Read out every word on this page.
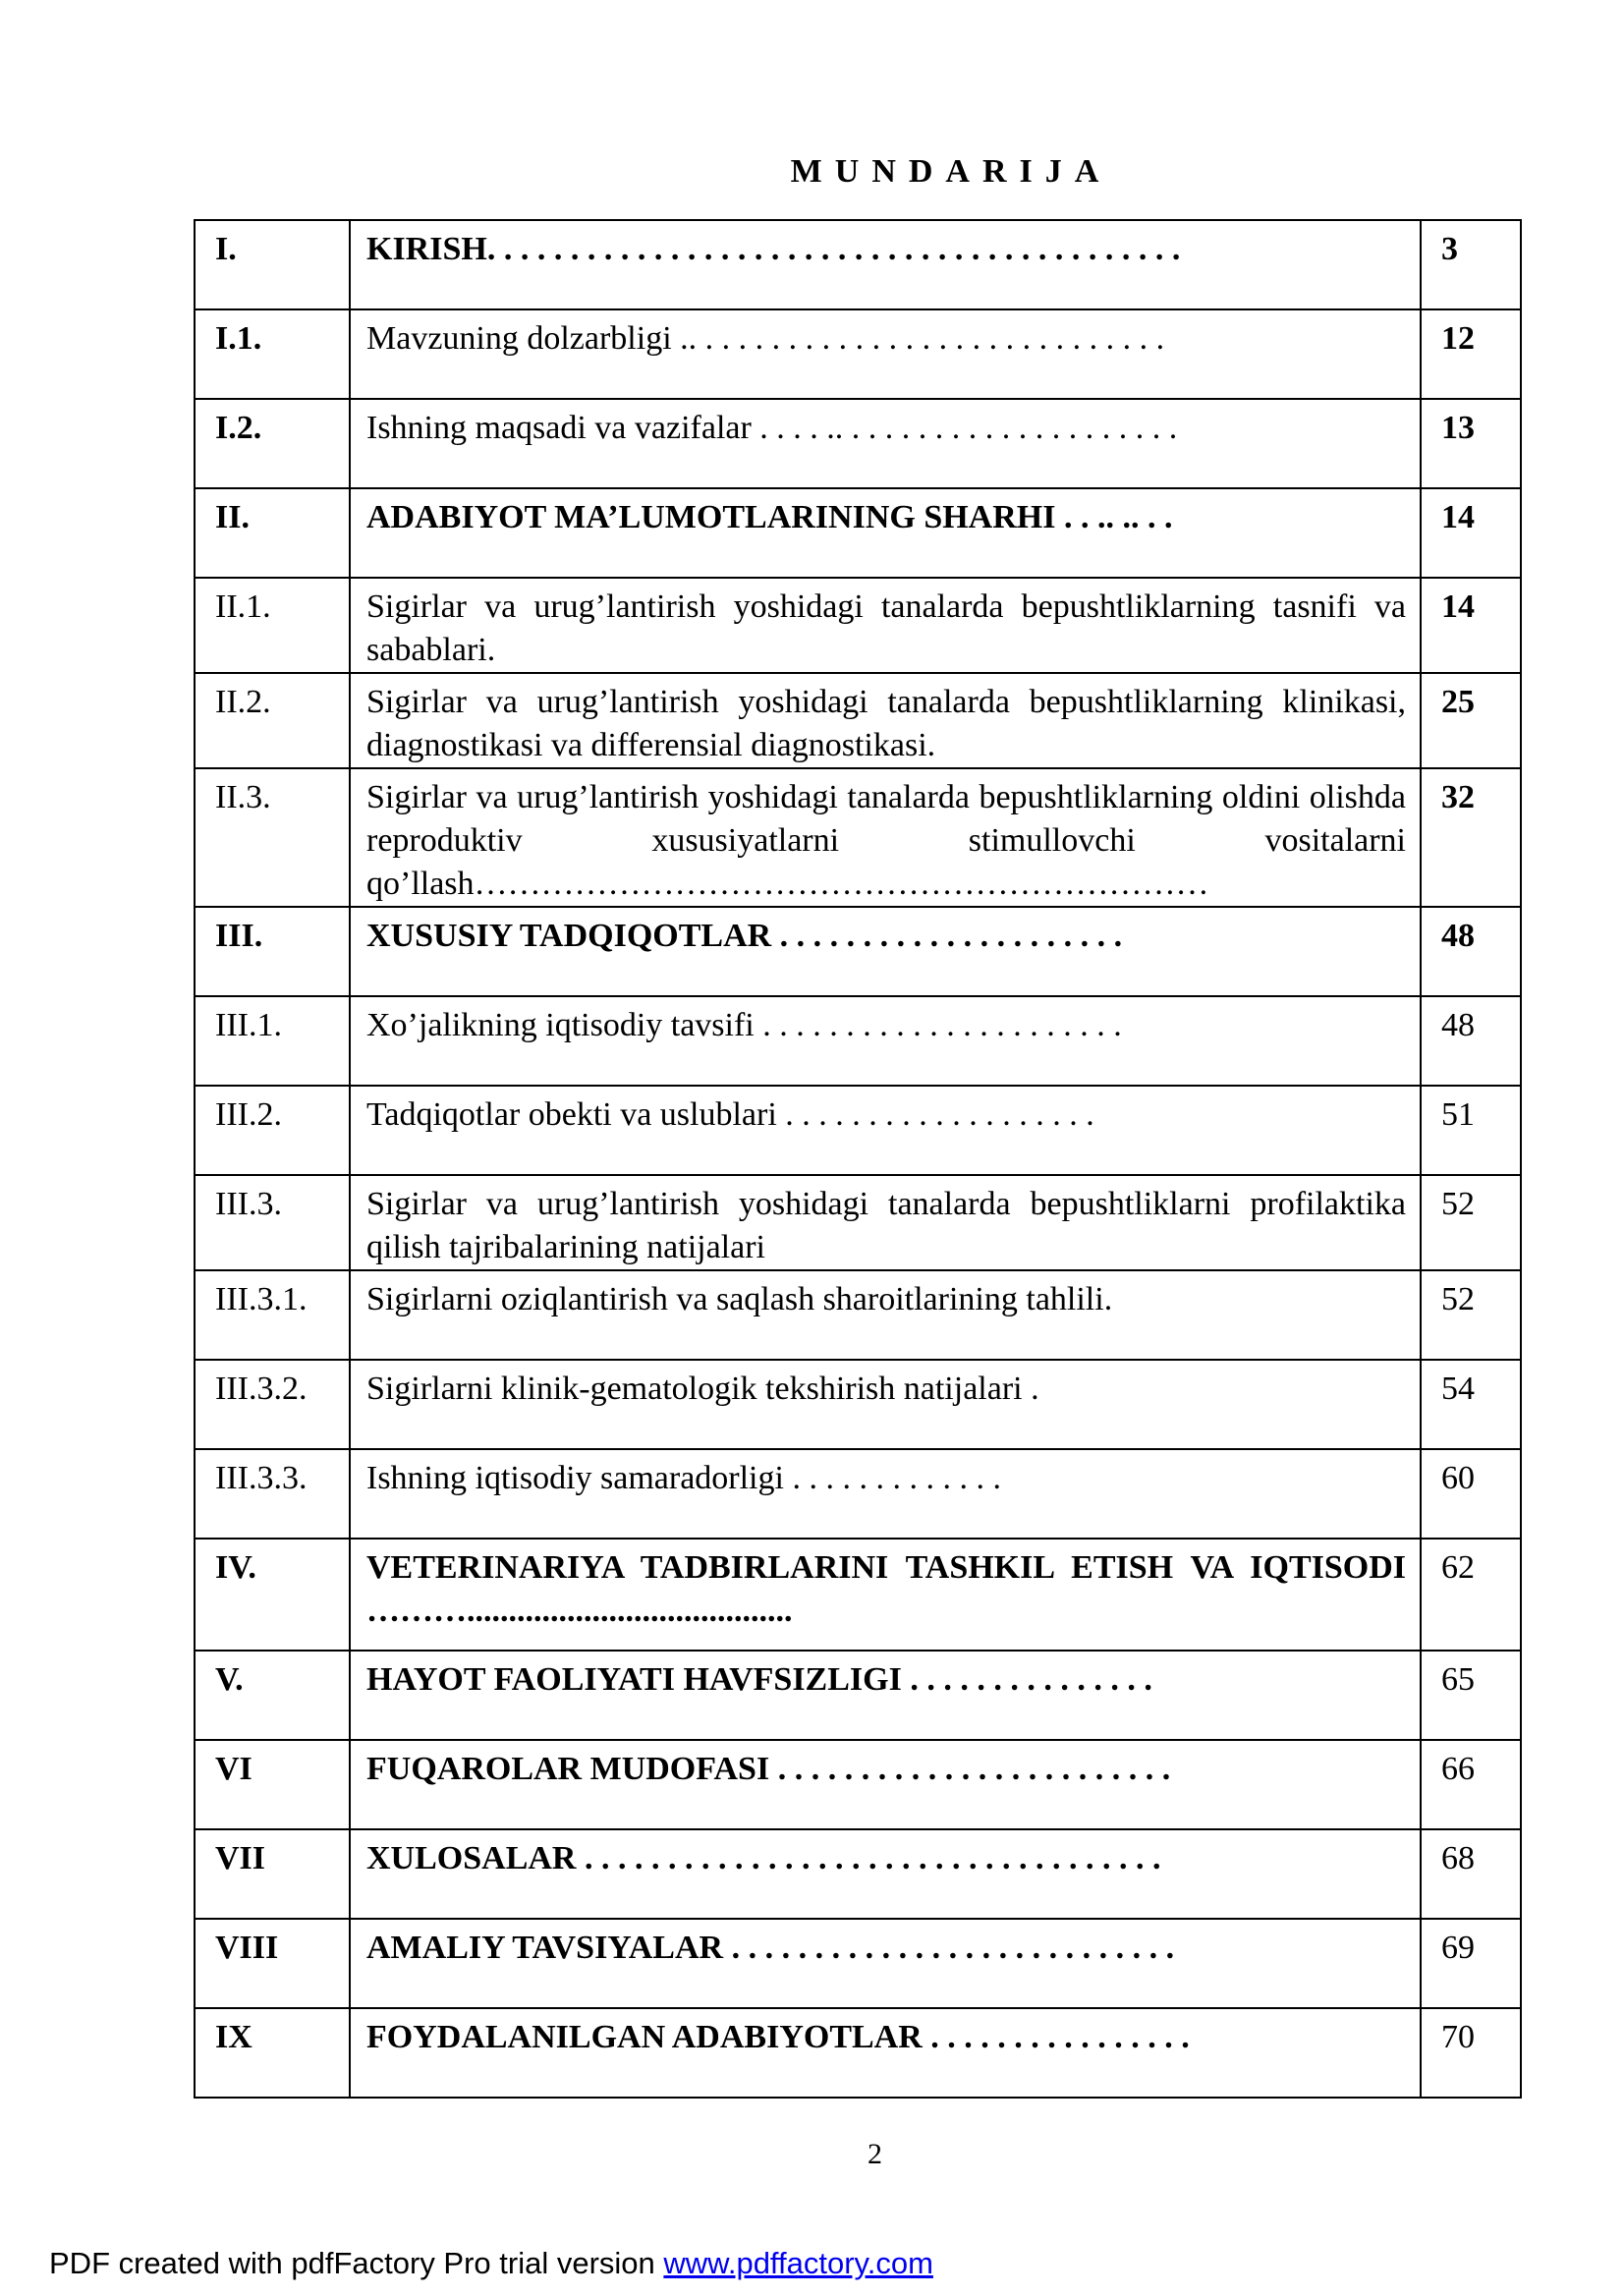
MUNDARIJA
I.	KIRISH. . . . . . . . . . . . . . . . . . . . . . . . . . . . . . . . . . . . . . . . . .	3
I.1.	Mavzuning dolzarbligi .. . . . . . . . . . . . . . . . . . . . . . . . . . . . .	12
I.2.	Ishning maqsadi va vazifalar . . . . .. . . . . . . . . . . . . . . . . . . . .	13
II.	ADABIYOT MA’LUMOTLARINING SHARHI . . .. .. . .	14
II.1.	Sigirlar va urug’lantirish yoshidagi tanalarda bepushtliklarning tasnifi va sabablari.	14
II.2.	Sigirlar va urug’lantirish yoshidagi tanalarda bepushtliklarning klinikasi, diagnostikasi va differensial diagnostikasi.	25
II.3.	Sigirlar va urug’lantirish yoshidagi tanalarda bepushtliklarning oldini olishda reproduktiv xususiyatlarni stimullovchi vositalarni qo’llash…………………………………………………………	32
III.	XUSUSIY TADQIQOTLAR . . . . . . . . . . . . . . . . . . . . .	48
III.1.	Xo’jalikning iqtisodiy tavsifi . . . . . . . . . . . . . . . . . . . . . .	48
III.2.	Tadqiqotlar obekti va uslublari . . . . . . . . . . . . . . . . . . .	51
III.3.	Sigirlar va urug’lantirish yoshidagi tanalarda bepushtliklarni profilaktika qilish tajribalarining natijalari	52
III.3.1.	Sigirlarni oziqlantirish va saqlash sharoitlarining tahlili.	52
III.3.2.	Sigirlarni klinik-gematologik tekshirish natijalari .	54
III.3.3.	Ishning iqtisodiy samaradorligi . . . . . . . . . . . . .	60
IV.	VETERINARIYA TADBIRLARINI TASHKIL ETISH VA IQTISODI ……….......................................	62
V.	HAYOT FAOLIYATI HAVFSIZLIGI . . . . . . . . . . . . . . .	65
VI	FUQAROLAR MUDOFASI . . . . . . . . . . . . . . . . . . . . . . . .	66
VII	XULOSALAR . . . . . . . . . . . . . . . . . . . . . . . . . . . . . . . . . . .	68
VIII	AMALIY TAVSIYALAR . . . . . . . . . . . . . . . . . . . . . . . . . . .	69
IX	FOYDALANILGAN ADABIYOTLAR . . . . . . . . . . . . . . . .	70
2
PDF created with pdfFactory Pro trial version www.pdffactory.com
